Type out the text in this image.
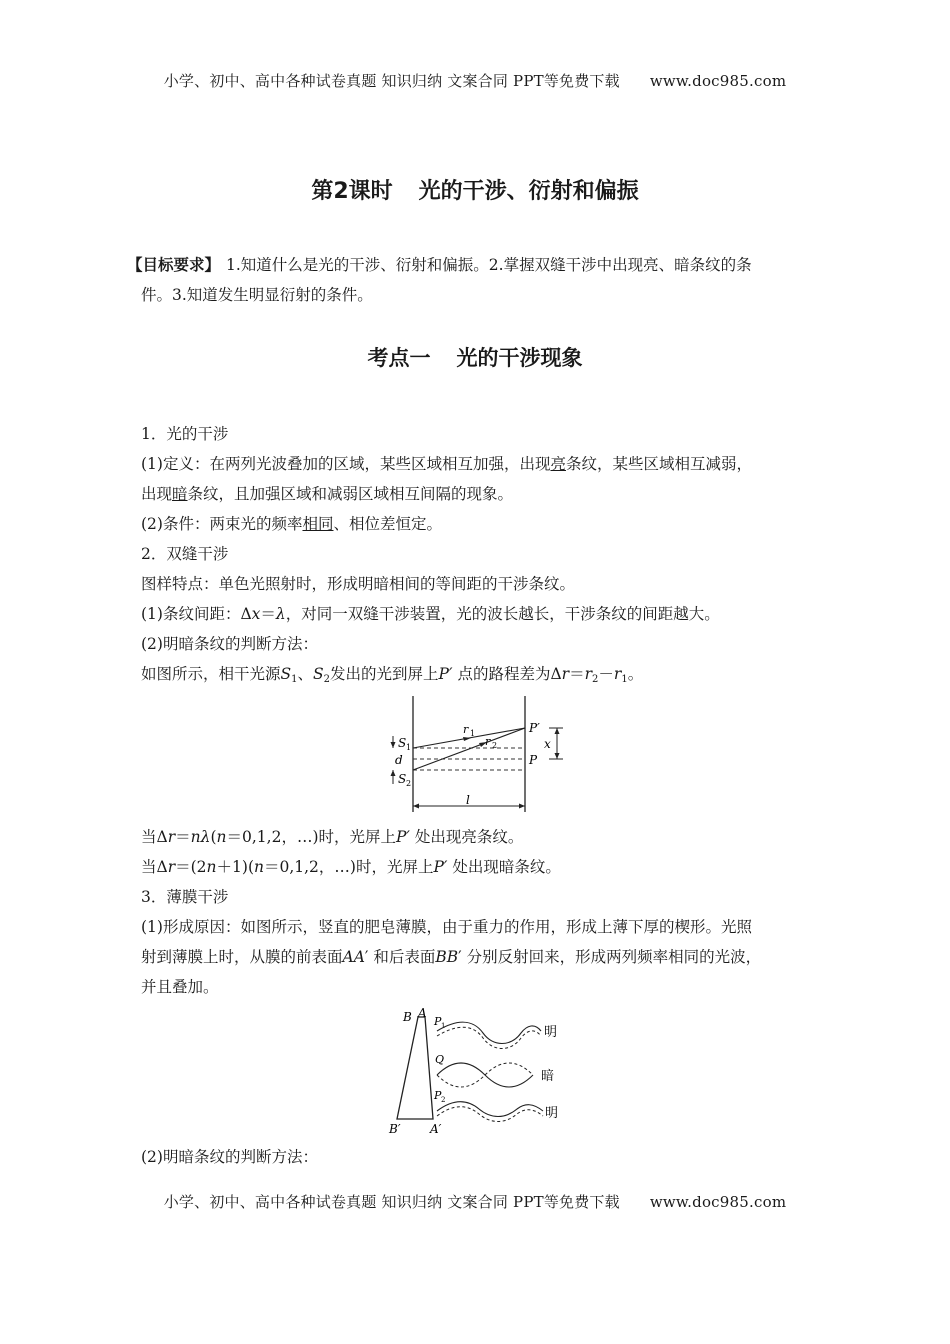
小学、初中、高中各种试卷真题 知识归纳 文案合同 PPT等免费下载 www.doc985.com
第2课时 光的干涉、衍射和偏振
【目标要求】 1.知道什么是光的干涉、衍射和偏振。2.掌握双缝干涉中出现亮、暗条纹的条
件。3.知道发生明显衍射的条件。
考点一 光的干涉现象
1．光的干涉
(1)定义：在两列光波叠加的区域，某些区域相互加强，出现亮条纹，某些区域相互减弱，
出现暗条纹，且加强区域和减弱区域相互间隔的现象。
(2)条件：两束光的频率相同、相位差恒定。
2．双缝干涉
图样特点：单色光照射时，形成明暗相间的等间距的干涉条纹。
(1)条纹间距：Δx＝λ，对同一双缝干涉装置，光的波长越长，干涉条纹的间距越大。
(2)明暗条纹的判断方法：
如图所示，相干光源$S_1$、$S_2$发出的光到屏上P′ 点的路程差为$\Delta r=r_2-r_1$。
S 1
d
S 2
r 1
r 2
P′
P
x
l
当Δr＝nλ(n＝0,1,2，…)时，光屏上P′ 处出现亮条纹。
当Δr＝(2n＋1)(n＝0,1,2，…)时，光屏上P′ 处出现暗条纹。
3．薄膜干涉
(1)形成原因：如图所示，竖直的肥皂薄膜，由于重力的作用，形成上薄下厚的楔形。光照
射到薄膜上时，从膜的前表面AA′ 和后表面BB′ 分别反射回来，形成两列频率相同的光波，
并且叠加。
B A
B′ A′
P 1	明
Q
暗
P 2
明
(2)明暗条纹的判断方法：
小学、初中、高中各种试卷真题 知识归纳 文案合同 PPT等免费下载 www.doc985.com
